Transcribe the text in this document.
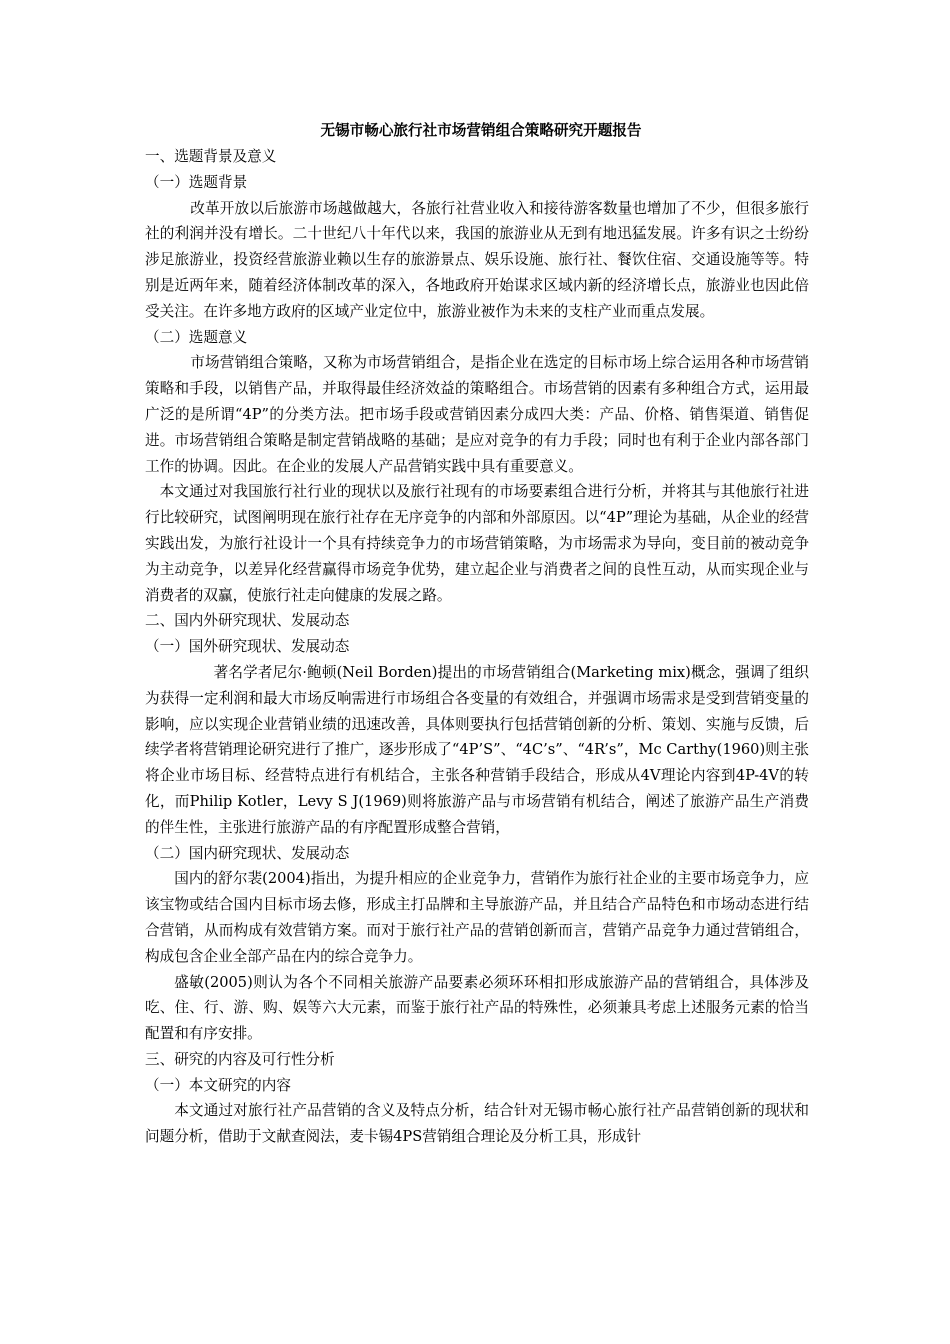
无锡市畅心旅行社市场营销组合策略研究开题报告

一、选题背景及意义

（一）选题背景

改革开放以后旅游市场越做越大，各旅行社营业收入和接待游客数量也增加了不少，但很多旅行社的利润并没有增长。二十世纪八十年代以来，我国的旅游业从无到有地迅猛发展。许多有识之士纷纷涉足旅游业，投资经营旅游业赖以生存的旅游景点、娱乐设施、旅行社、餐饮住宿、交通设施等等。特别是近两年来，随着经济体制改革的深入，各地政府开始谋求区域内新的经济增长点，旅游业也因此倍受关注。在许多地方政府的区域产业定位中，旅游业被作为未来的支柱产业而重点发展。

（二）选题意义

市场营销组合策略，又称为市场营销组合，是指企业在选定的目标市场上综合运用各种市场营销策略和手段，以销售产品，并取得最佳经济效益的策略组合。市场营销的因素有多种组合方式，运用最广泛的是所谓“4P”的分类方法。把市场手段或营销因素分成四大类：产品、价格、销售渠道、销售促进。市场营销组合策略是制定营销战略的基础；是应对竞争的有力手段；同时也有利于企业内部各部门工作的协调。因此。在企业的发展人产品营销实践中具有重要意义。

本文通过对我国旅行社行业的现状以及旅行社现有的市场要素组合进行分析，并将其与其他旅行社进行比较研究，试图阐明现在旅行社存在无序竞争的内部和外部原因。以“4P”理论为基础，从企业的经营实践出发，为旅行社设计一个具有持续竞争力的市场营销策略，为市场需求为导向，变目前的被动竞争为主动竞争，以差异化经营赢得市场竞争优势，建立起企业与消费者之间的良性互动，从而实现企业与消费者的双赢，使旅行社走向健康的发展之路。

二、国内外研究现状、发展动态

（一）国外研究现状、发展动态

著名学者尼尔·鲍顿(Neil Borden)提出的市场营销组合(Marketing mix)概念，强调了组织为获得一定利润和最大市场反响需进行市场组合各变量的有效组合，并强调市场需求是受到营销变量的影响，应以实现企业营销业绩的迅速改善，具体则要执行包括营销创新的分析、策划、实施与反馈，后续学者将营销理论研究进行了推广，逐步形成了“4P’S”、“4C’s”、“4R’s”，Mc Carthy(1960)则主张将企业市场目标、经营特点进行有机结合，主张各种营销手段结合，形成从4V理论内容到4P-4V的转化，而Philip Kotler，Levy S J(1969)则将旅游产品与市场营销有机结合，阐述了旅游产品生产消费的伴生性，主张进行旅游产品的有序配置形成整合营销，

（二）国内研究现状、发展动态

国内的舒尔裴(2004)指出，为提升相应的企业竞争力，营销作为旅行社企业的主要市场竞争力，应该宝物或结合国内目标市场去修，形成主打品牌和主导旅游产品，并且结合产品特色和市场动态进行结合营销，从而构成有效营销方案。而对于旅行社产品的营销创新而言，营销产品竞争力通过营销组合，构成包含企业全部产品在内的综合竞争力。

盛敏(2005)则认为各个不同相关旅游产品要素必须环环相扣形成旅游产品的营销组合，具体涉及吃、住、行、游、购、娱等六大元素，而鉴于旅行社产品的特殊性，必须兼具考虑上述服务元素的恰当配置和有序安排。

三、研究的内容及可行性分析

（一）本文研究的内容

本文通过对旅行社产品营销的含义及特点分析，结合针对无锡市畅心旅行社产品营销创新的现状和问题分析，借助于文献查阅法，麦卡锡4PS营销组合理论及分析工具，形成针
